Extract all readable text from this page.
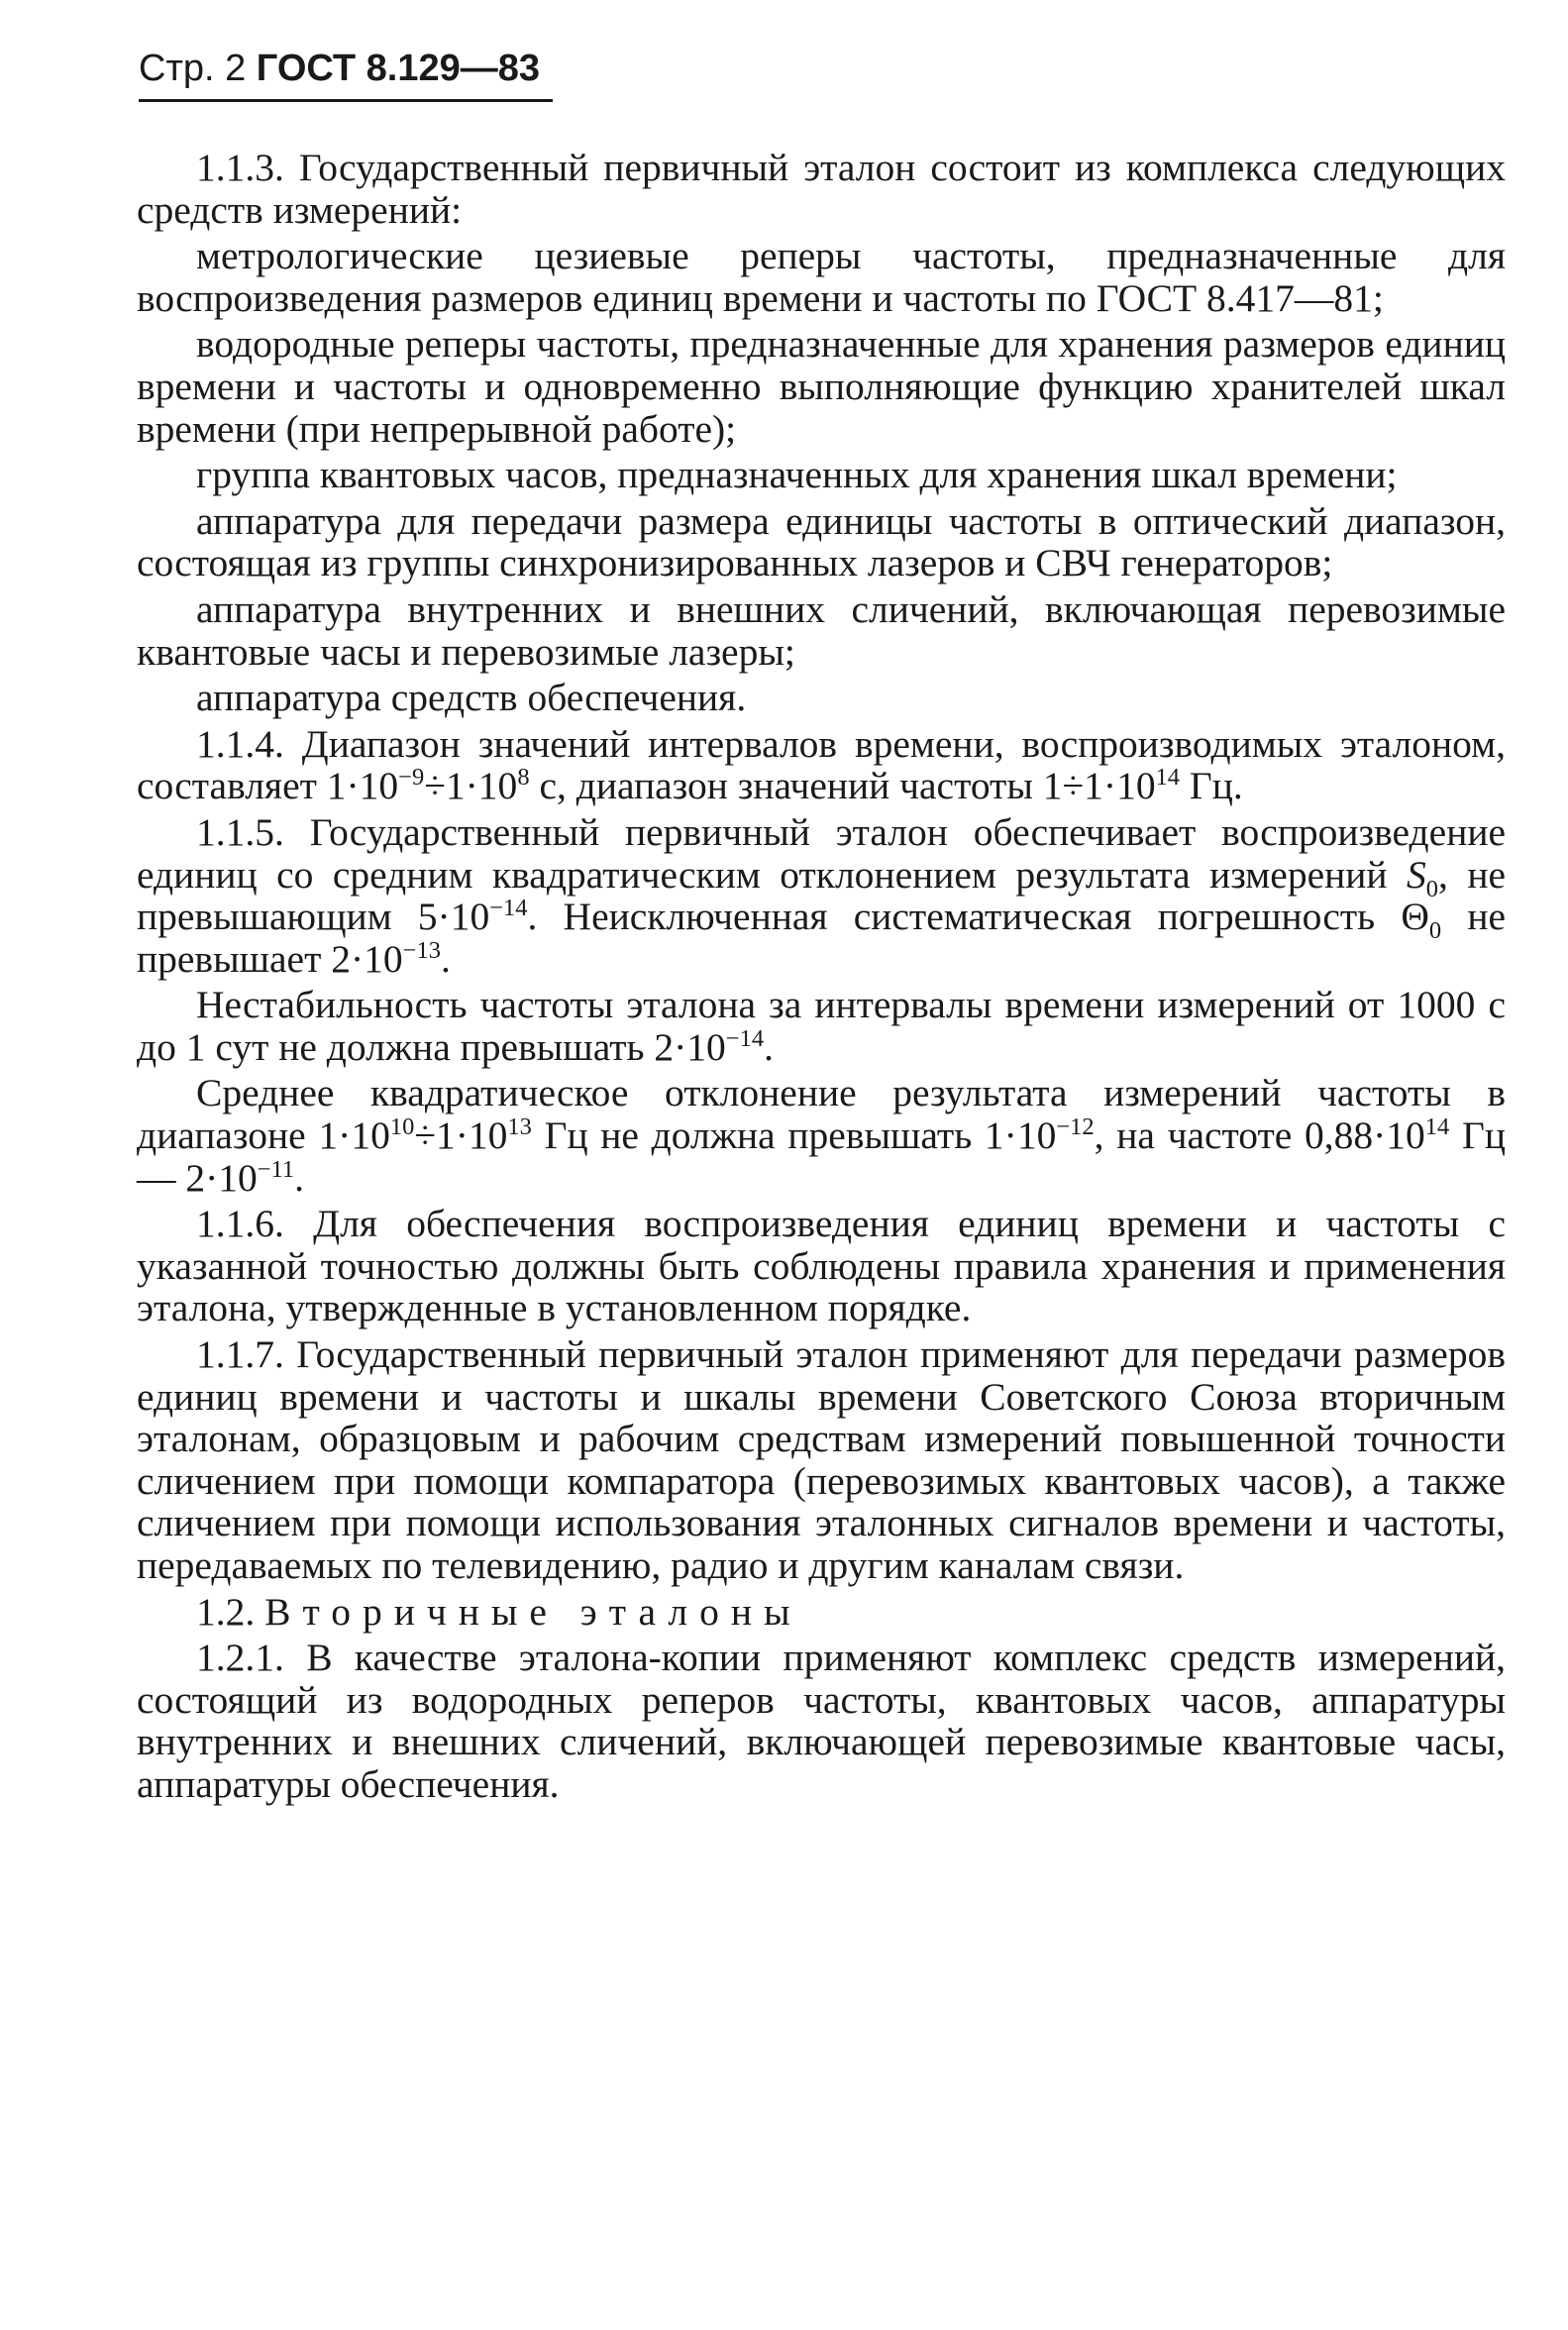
Стр. 2 ГОСТ 8.129—83

1.1.3. Государственный первичный эталон состоит из комплекса следующих средств измерений:

метрологические цезиевые реперы частоты, предназначенные для воспроизведения размеров единиц времени и частоты по ГОСТ 8.417—81;

водородные реперы частоты, предназначенные для хранения размеров единиц времени и частоты и одновременно выполняющие функцию хранителей шкал времени (при непрерывной работе);

группа квантовых часов, предназначенных для хранения шкал времени;

аппаратура для передачи размера единицы частоты в оптический диапазон, состоящая из группы синхронизированных лазеров и СВЧ генераторов;

аппаратура внутренних и внешних сличений, включающая перевозимые квантовые часы и перевозимые лазеры;

аппаратура средств обеспечения.

1.1.4. Диапазон значений интервалов времени, воспроизводимых эталоном, составляет $1\cdot 10^{-9}\div 1\cdot 10^8$ с, диапазон значений частоты $1\div 1\cdot 10^{14}$ Гц.

1.1.5. Государственный первичный эталон обеспечивает воспроизведение единиц со средним квадратическим отклонением результата измерений $S_0$, не превышающим $5\cdot 10^{-14}$. Неисключенная систематическая погрешность $\Theta_0$ не превышает $2\cdot 10^{-13}$.

Нестабильность частоты эталона за интервалы времени измерений от 1000 с до 1 сут не должна превышать $2\cdot 10^{-14}$.

Среднее квадратическое отклонение результата измерений частоты в диапазоне $1\cdot 10^{10}\div 1\cdot 10^{13}$ Гц не должна превышать $1\cdot 10^{-12}$, на частоте $0,88\cdot 10^{14}$ Гц — $2\cdot 10^{-11}$.

1.1.6. Для обеспечения воспроизведения единиц времени и частоты с указанной точностью должны быть соблюдены правила хранения и применения эталона, утвержденные в установленном порядке.

1.1.7. Государственный первичный эталон применяют для передачи размеров единиц времени и частоты и шкалы времени Советского Союза вторичным эталонам, образцовым и рабочим средствам измерений повышенной точности сличением при помощи компаратора (перевозимых квантовых часов), а также сличением при помощи использования эталонных сигналов времени и частоты, передаваемых по телевидению, радио и другим каналам связи.

1.2. Вторичные эталоны

1.2.1. В качестве эталона-копии применяют комплекс средств измерений, состоящий из водородных реперов частоты, квантовых часов, аппаратуры внутренних и внешних сличений, включающей перевозимые квантовые часы, аппаратуры обеспечения.
